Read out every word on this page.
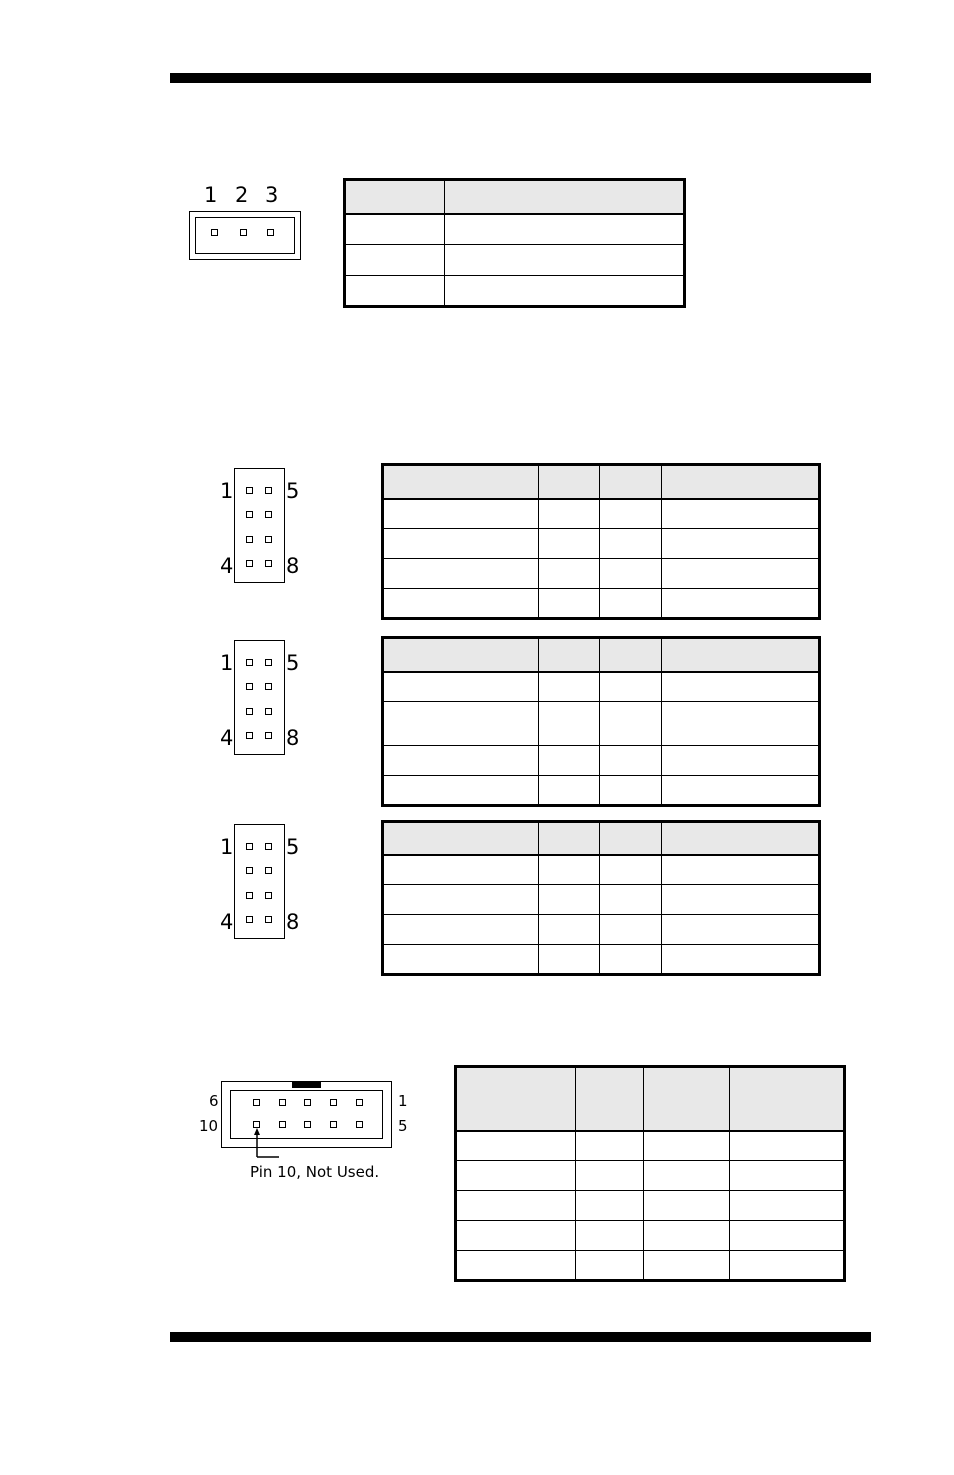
1 2 3

1	5
4	8

1	5
4	8

1	5
4	8

6	1
10	5
Pin 10, Not Used.
